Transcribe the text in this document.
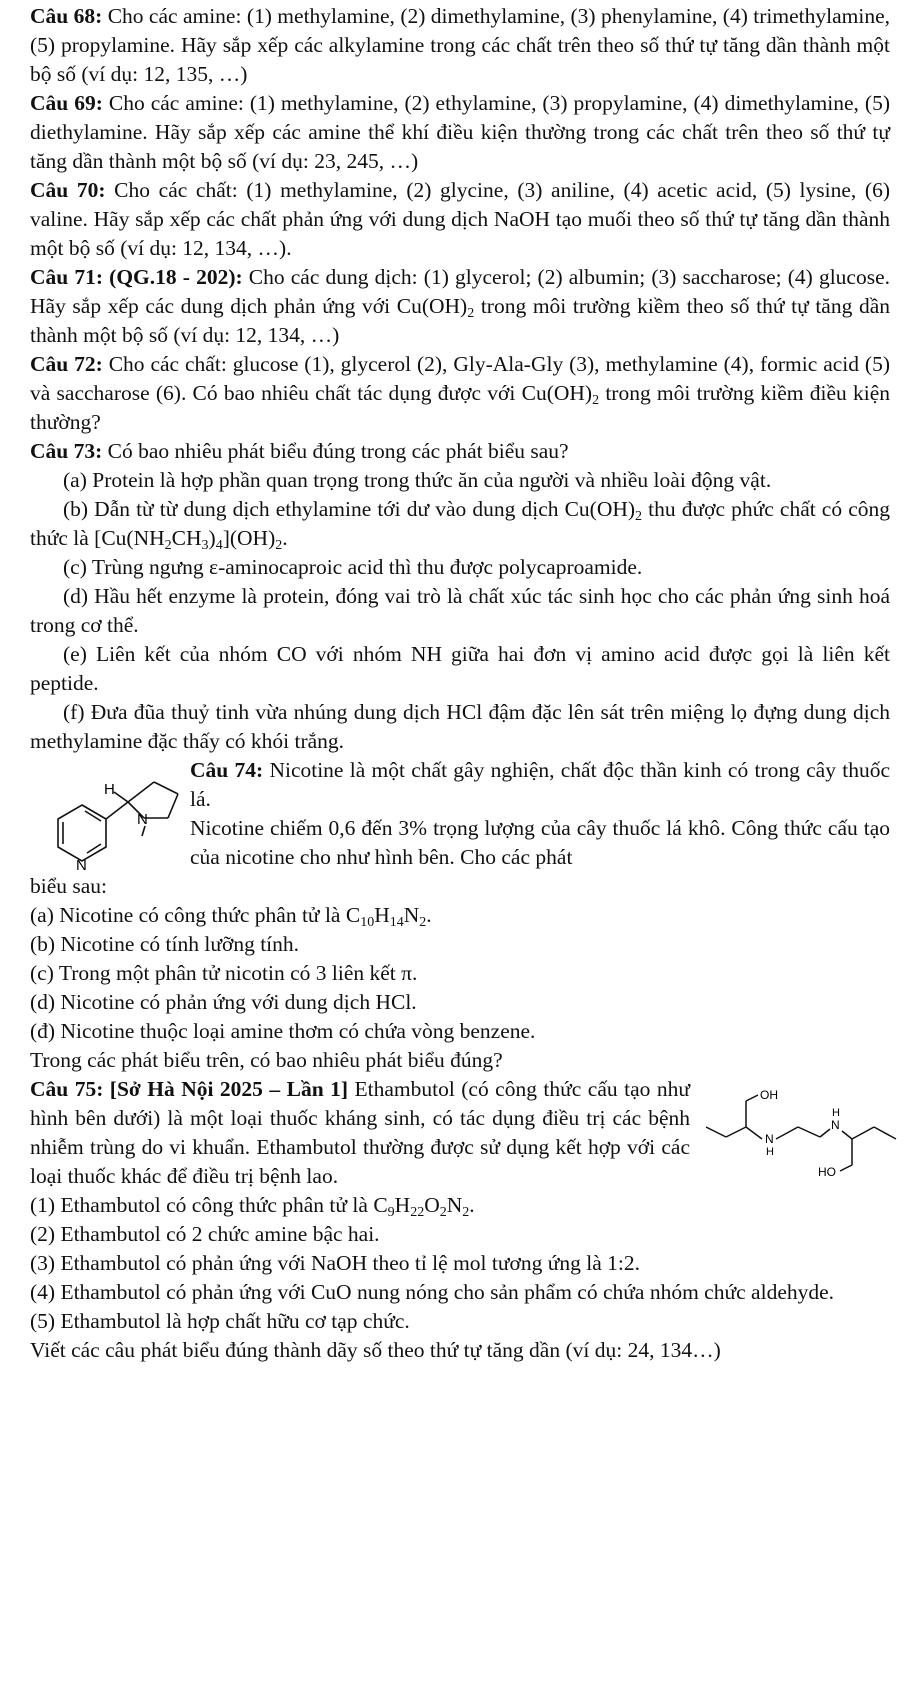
Câu 68: Cho các amine: (1) methylamine, (2) dimethylamine, (3) phenylamine, (4) trimethylamine, (5) propylamine. Hãy sắp xếp các alkylamine trong các chất trên theo số thứ tự tăng dần thành một bộ số (ví dụ: 12, 135, …)

Câu 69: Cho các amine: (1) methylamine, (2) ethylamine, (3) propylamine, (4) dimethylamine, (5) diethylamine. Hãy sắp xếp các amine thể khí điều kiện thường trong các chất trên theo số thứ tự tăng dần thành một bộ số (ví dụ: 23, 245, …)

Câu 70: Cho các chất: (1) methylamine, (2) glycine, (3) aniline, (4) acetic acid, (5) lysine, (6) valine. Hãy sắp xếp các chất phản ứng với dung dịch NaOH tạo muối theo số thứ tự tăng dần thành một bộ số (ví dụ: 12, 134, …).

Câu 71: (QG.18 - 202): Cho các dung dịch: (1) glycerol; (2) albumin; (3) saccharose; (4) glucose. Hãy sắp xếp các dung dịch phản ứng với $Cu(OH)_2$ trong môi trường kiềm theo số thứ tự tăng dần thành một bộ số (ví dụ: 12, 134, …)

Câu 72: Cho các chất: glucose (1), glycerol (2), Gly-Ala-Gly (3), methylamine (4), formic acid (5) và saccharose (6). Có bao nhiêu chất tác dụng được với $Cu(OH)_2$ trong môi trường kiềm điều kiện thường?

Câu 73: Có bao nhiêu phát biểu đúng trong các phát biểu sau?

(a) Protein là hợp phần quan trọng trong thức ăn của người và nhiều loài động vật.

(b) Dẫn từ từ dung dịch ethylamine tới dư vào dung dịch $Cu(OH)_2$ thu được phức chất có công thức là $[Cu(NH_2CH_3)_4](OH)_2$.

(c) Trùng ngưng ε-aminocaproic acid thì thu được polycaproamide.

(d) Hầu hết enzyme là protein, đóng vai trò là chất xúc tác sinh học cho các phản ứng sinh hoá trong cơ thể.

(e) Liên kết của nhóm CO với nhóm NH giữa hai đơn vị amino acid được gọi là liên kết peptide.

(f) Đưa đũa thuỷ tinh vừa nhúng dung dịch HCl đậm đặc lên sát trên miệng lọ đựng dung dịch methylamine đặc thấy có khói trắng.

H
N
N

Câu 74: Nicotine là một chất gây nghiện, chất độc thần kinh có trong cây thuốc lá.

Nicotine chiếm 0,6 đến 3% trọng lượng của cây thuốc lá khô. Công thức cấu tạo của nicotine cho như hình bên. Cho các phát

biểu sau:

(a) Nicotine có công thức phân tử là $C_{10}H_{14}N_2$.

(b) Nicotine có tính lưỡng tính.

(c) Trong một phân tử nicotin có 3 liên kết π.

(d) Nicotine có phản ứng với dung dịch HCl.

(đ) Nicotine thuộc loại amine thơm có chứa vòng benzene.

Trong các phát biểu trên, có bao nhiêu phát biểu đúng?

OH
N
H
H
N
HO

Câu 75: [Sở Hà Nội 2025 – Lần 1] Ethambutol (có công thức cấu tạo như hình bên dưới) là một loại thuốc kháng sinh, có tác dụng điều trị các bệnh nhiễm trùng do vi khuẩn. Ethambutol thường được sử dụng kết hợp với các loại thuốc khác để điều trị bệnh lao.

(1) Ethambutol có công thức phân tử là $C_9H_{22}O_2N_2$.

(2) Ethambutol có 2 chức amine bậc hai.

(3) Ethambutol có phản ứng với NaOH theo tỉ lệ mol tương ứng là 1:2.

(4) Ethambutol có phản ứng với CuO nung nóng cho sản phẩm có chứa nhóm chức aldehyde.

(5) Ethambutol là hợp chất hữu cơ tạp chức.

Viết các câu phát biểu đúng thành dãy số theo thứ tự tăng dần (ví dụ: 24, 134…)
